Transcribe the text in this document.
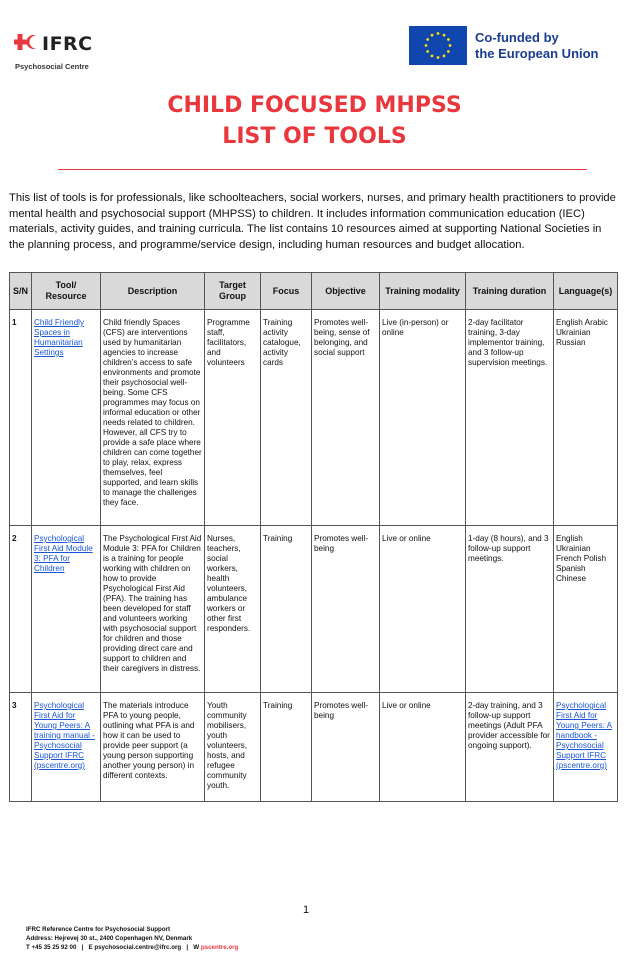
IFRC
Psychosocial Centre
Co-funded by
the European Union
CHILD FOCUSED MHPSS
LIST OF TOOLS

This list of tools is for professionals, like schoolteachers, social workers, nurses, and primary health practitioners to provide mental health and psychosocial support (MHPSS) to children. It includes information communication education (IEC) materials, activity guides, and training curricula. The list contains 10 resources aimed at supporting National Societies in the planning process, and programme/service design, including human resources and budget allocation.

S/N	Tool/ Resource	Description	Target Group	Focus	Objective	Training modality	Training duration	Language(s)
1	Child Friendly Spaces in Humanitarian Settings	Child friendly Spaces (CFS) are interventions used by humanitarian agencies to increase children’s access to safe environments and promote their psychosocial well-being. Some CFS programmes may focus on informal education or other needs related to children. However, all CFS try to provide a safe place where children can come together to play, relax, express themselves, feel supported, and learn skills to manage the challenges they face.	Programme staff, facilitators, and volunteers	Training activity catalogue, activity cards	Promotes well-being, sense of belonging, and social support	Live (in-person) or online	2-day facilitator training, 3-day implementor training, and 3 follow-up supervision meetings.	English Arabic Ukrainian Russian
2	Psychological First Aid Module 3: PFA for Children	The Psychological First Aid Module 3: PFA for Children is a training for people working with children on how to provide Psychological First Aid (PFA). The training has been developed for staff and volunteers working with psychosocial support for children and those providing direct care and support to children and their caregivers in distress.	Nurses, teachers, social workers, health volunteers, ambulance workers or other first responders.	Training	Promotes well-being	Live or online	1-day (8 hours), and 3 follow-up support meetings.	English Ukrainian French Polish Spanish Chinese
3	Psychological First Aid for Young Peers: A training manual - Psychosocial Support IFRC (pscentre.org)	The materials introduce PFA to young people, outlining what PFA is and how it can be used to provide peer support (a young person supporting another young person) in different contexts.	Youth community mobilisers, youth volunteers, hosts, and refugee community youth.	Training	Promotes well-being	Live or online	2-day training, and 3 follow-up support meetings (Adult PFA provider accessible for ongoing support).	Psychological First Aid for Young Peers: A handbook - Psychosocial Support IFRC (pscentre.org)
1
IFRC Reference Centre for Psychosocial Support
Address: Hejrevej 30 st., 2400 Copenhagen NV, Denmark
T +45 35 25 92 00 | E psychosocial.centre@ifrc.org | W pscentre.org
